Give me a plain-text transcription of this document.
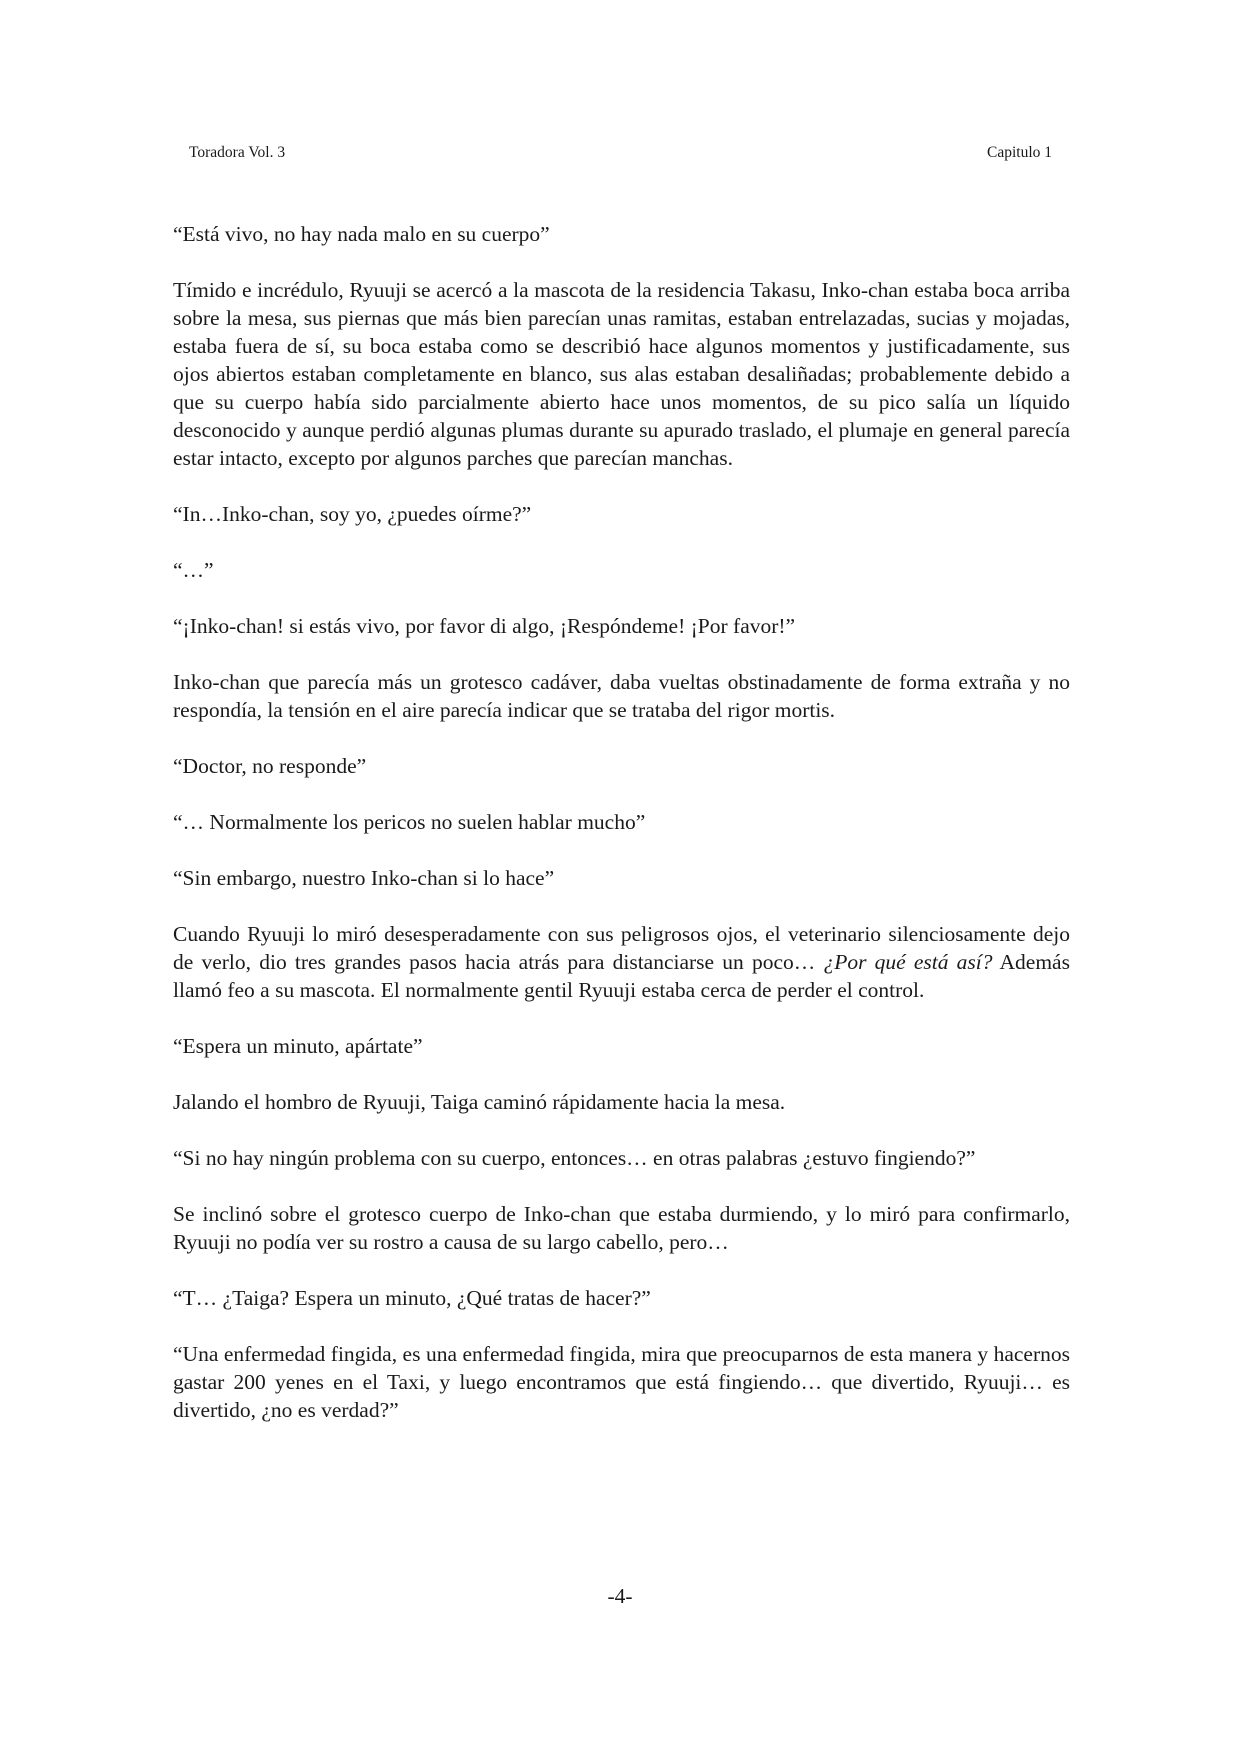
Toradora Vol. 3	Capitulo 1

“Está vivo, no hay nada malo en su cuerpo”

Tímido e incrédulo, Ryuuji se acercó a la mascota de la residencia Takasu, Inko-chan estaba boca arriba sobre la mesa, sus piernas que más bien parecían unas ramitas, estaban entrelazadas, sucias y mojadas, estaba fuera de sí, su boca estaba como se describió hace algunos momentos y justificadamente, sus ojos abiertos estaban completamente en blanco, sus alas estaban desaliñadas; probablemente debido a que su cuerpo había sido parcialmente abierto hace unos momentos, de su pico salía un líquido desconocido y aunque perdió algunas plumas durante su apurado traslado, el plumaje en general parecía estar intacto, excepto por algunos parches que parecían manchas.

“In…Inko-chan, soy yo, ¿puedes oírme?”

“…”

“¡Inko-chan! si estás vivo, por favor di algo, ¡Respóndeme! ¡Por favor!”

Inko-chan que parecía más un grotesco cadáver, daba vueltas obstinadamente de forma extraña y no respondía, la tensión en el aire parecía indicar que se trataba del rigor mortis.

“Doctor, no responde”

“… Normalmente los pericos no suelen hablar mucho”

“Sin embargo, nuestro Inko-chan si lo hace”

Cuando Ryuuji lo miró desesperadamente con sus peligrosos ojos, el veterinario silenciosamente dejo de verlo, dio tres grandes pasos hacia atrás para distanciarse un poco… ¿Por qué está así? Además llamó feo a su mascota. El normalmente gentil Ryuuji estaba cerca de perder el control.

“Espera un minuto, apártate”

Jalando el hombro de Ryuuji, Taiga caminó rápidamente hacia la mesa.

“Si no hay ningún problema con su cuerpo, entonces… en otras palabras ¿estuvo fingiendo?”

Se inclinó sobre el grotesco cuerpo de Inko-chan que estaba durmiendo, y lo miró para confirmarlo, Ryuuji no podía ver su rostro a causa de su largo cabello, pero…

“T… ¿Taiga? Espera un minuto, ¿Qué tratas de hacer?”

“Una enfermedad fingida, es una enfermedad fingida, mira que preocuparnos de esta manera y hacernos gastar 200 yenes en el Taxi, y luego encontramos que está fingiendo… que divertido, Ryuuji… es divertido, ¿no es verdad?”

-4-
